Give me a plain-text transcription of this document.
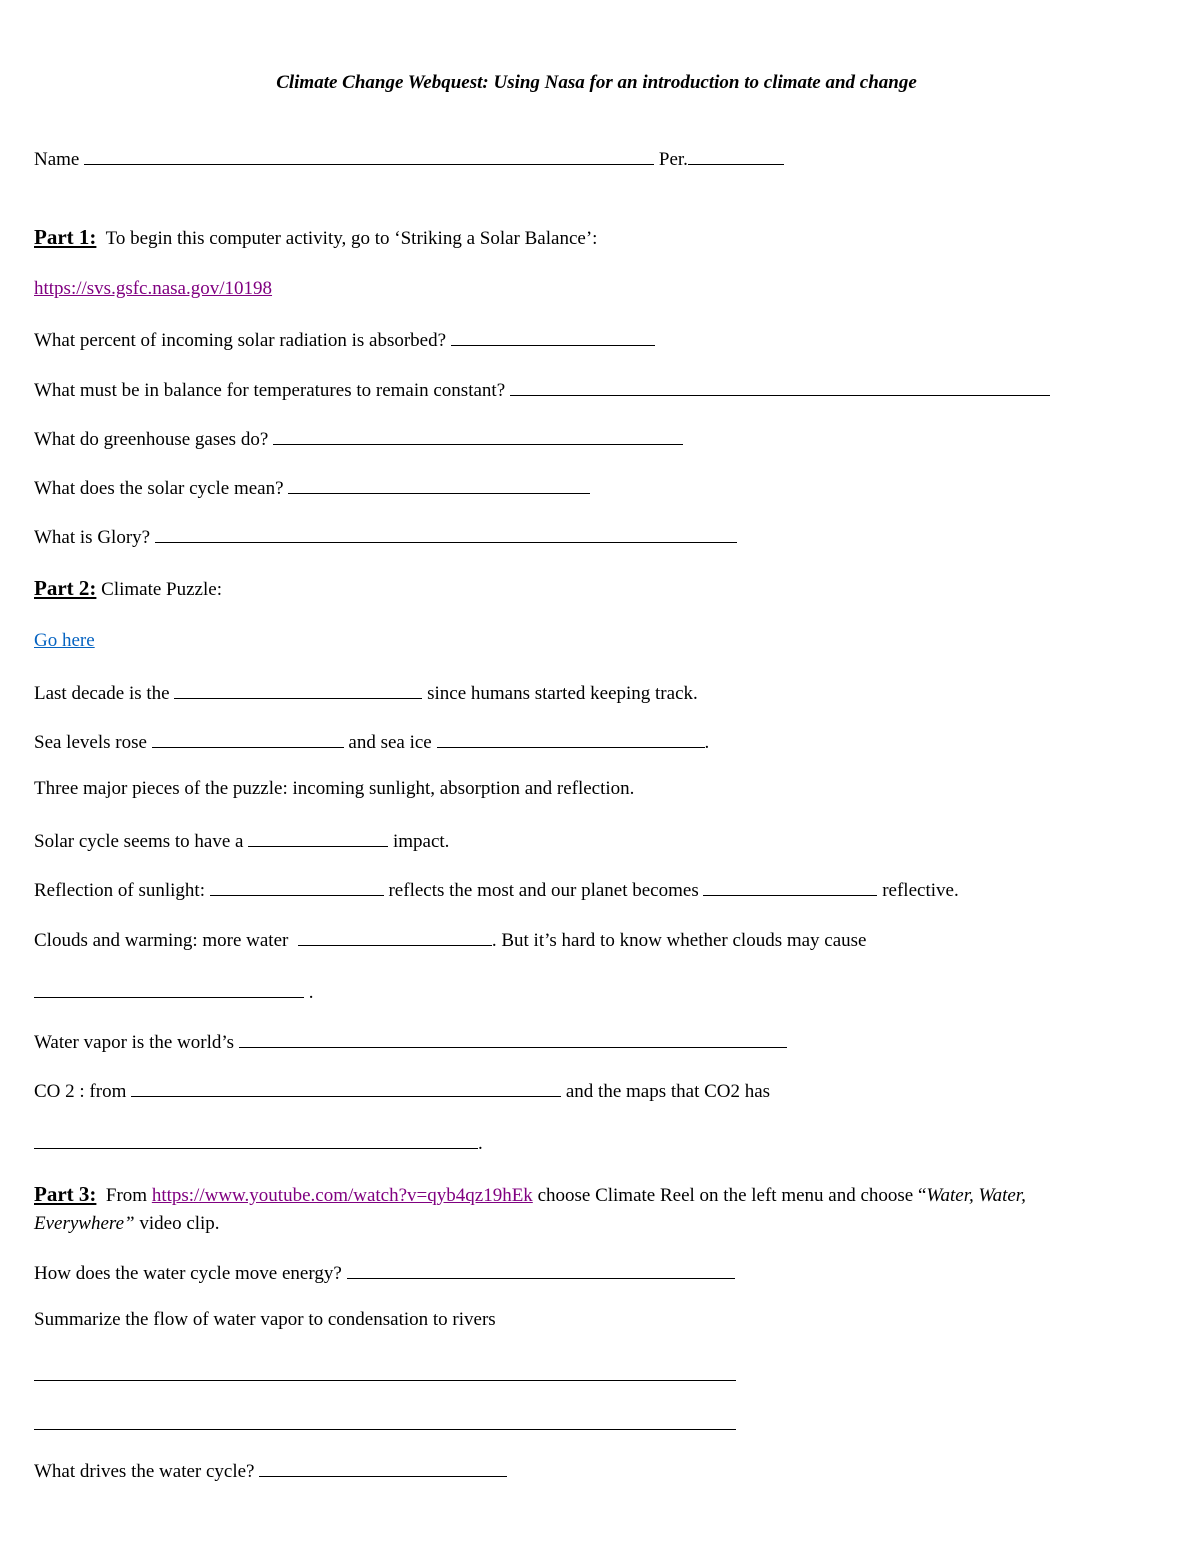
Climate Change Webquest: Using Nasa for an introduction to climate and change
Name	Per.
Part 1: To begin this computer activity, go to ‘Striking a Solar Balance’:
https://svs.gsfc.nasa.gov/10198
What percent of incoming solar radiation is absorbed?
What must be in balance for temperatures to remain constant?
What do greenhouse gases do?
What does the solar cycle mean?
What is Glory?
Part 2: Climate Puzzle:
Go here
Last decade is the	since humans started keeping track.
Sea levels rose	and sea ice	.
Three major pieces of the puzzle: incoming sunlight, absorption and reflection.
Solar cycle seems to have a	impact.
Reflection of sunlight:	reflects the most and our planet becomes	reflective.
Clouds and warming: more water	. But it’s hard to know whether clouds may cause
.
Water vapor is the world’s
CO 2 : from	and the maps that CO2 has
.
Part 3: From https://www.youtube.com/watch?v=qyb4qz19hEk choose Climate Reel on the left menu and choose “Water, Water, Everywhere” video clip.
How does the water cycle move energy?
Summarize the flow of water vapor to condensation to rivers
What drives the water cycle?
